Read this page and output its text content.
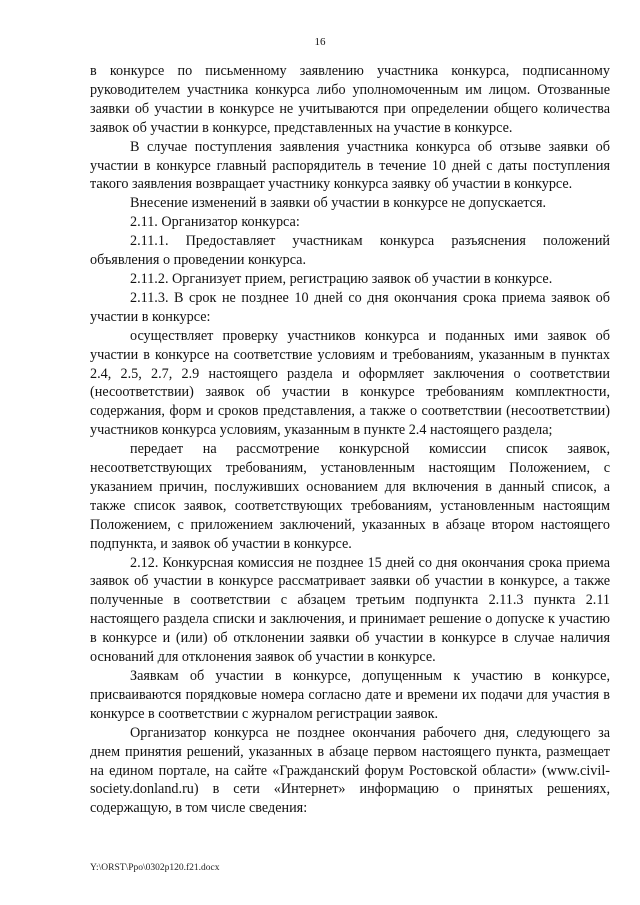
16

в конкурсе по письменному заявлению участника конкурса, подписанному руководителем участника конкурса либо уполномоченным им лицом. Отозванные заявки об участии в конкурсе не учитываются при определении общего количества заявок об участии в конкурсе, представленных на участие в конкурсе.

В случае поступления заявления участника конкурса об отзыве заявки об участии в конкурсе главный распорядитель в течение 10 дней с даты поступления такого заявления возвращает участнику конкурса заявку об участии в конкурсе.

Внесение изменений в заявки об участии в конкурсе не допускается.

2.11. Организатор конкурса:

2.11.1. Предоставляет участникам конкурса разъяснения положений объявления о проведении конкурса.

2.11.2. Организует прием, регистрацию заявок об участии в конкурсе.

2.11.3. В срок не позднее 10 дней со дня окончания срока приема заявок об участии в конкурсе:

осуществляет проверку участников конкурса и поданных ими заявок об участии в конкурсе на соответствие условиям и требованиям, указанным в пунктах 2.4, 2.5, 2.7, 2.9 настоящего раздела и оформляет заключения о соответствии (несоответствии) заявок об участии в конкурсе требованиям комплектности, содержания, форм и сроков представления, а также о соответствии (несоответствии) участников конкурса условиям, указанным в пункте 2.4 настоящего раздела;

передает на рассмотрение конкурсной комиссии список заявок, несоответствующих требованиям, установленным настоящим Положением, с указанием причин, послуживших основанием для включения в данный список, а также список заявок, соответствующих требованиям, установленным настоящим Положением, с приложением заключений, указанных в абзаце втором настоящего подпункта, и заявок об участии в конкурсе.

2.12. Конкурсная комиссия не позднее 15 дней со дня окончания срока приема заявок об участии в конкурсе рассматривает заявки об участии в конкурсе, а также полученные в соответствии с абзацем третьим подпункта 2.11.3 пункта 2.11 настоящего раздела списки и заключения, и принимает решение о допуске к участию в конкурсе и (или) об отклонении заявки об участии в конкурсе в случае наличия оснований для отклонения заявок об участии в конкурсе.

Заявкам об участии в конкурсе, допущенным к участию в конкурсе, присваиваются порядковые номера согласно дате и времени их подачи для участия в конкурсе в соответствии с журналом регистрации заявок.

Организатор конкурса не позднее окончания рабочего дня, следующего за днем принятия решений, указанных в абзаце первом настоящего пункта, размещает на едином портале, на сайте «Гражданский форум Ростовской области» (www.civil-society.donland.ru) в сети «Интернет» информацию о принятых решениях, содержащую, в том числе сведения:

Y:\ORST\Ppo\0302p120.f21.docx
